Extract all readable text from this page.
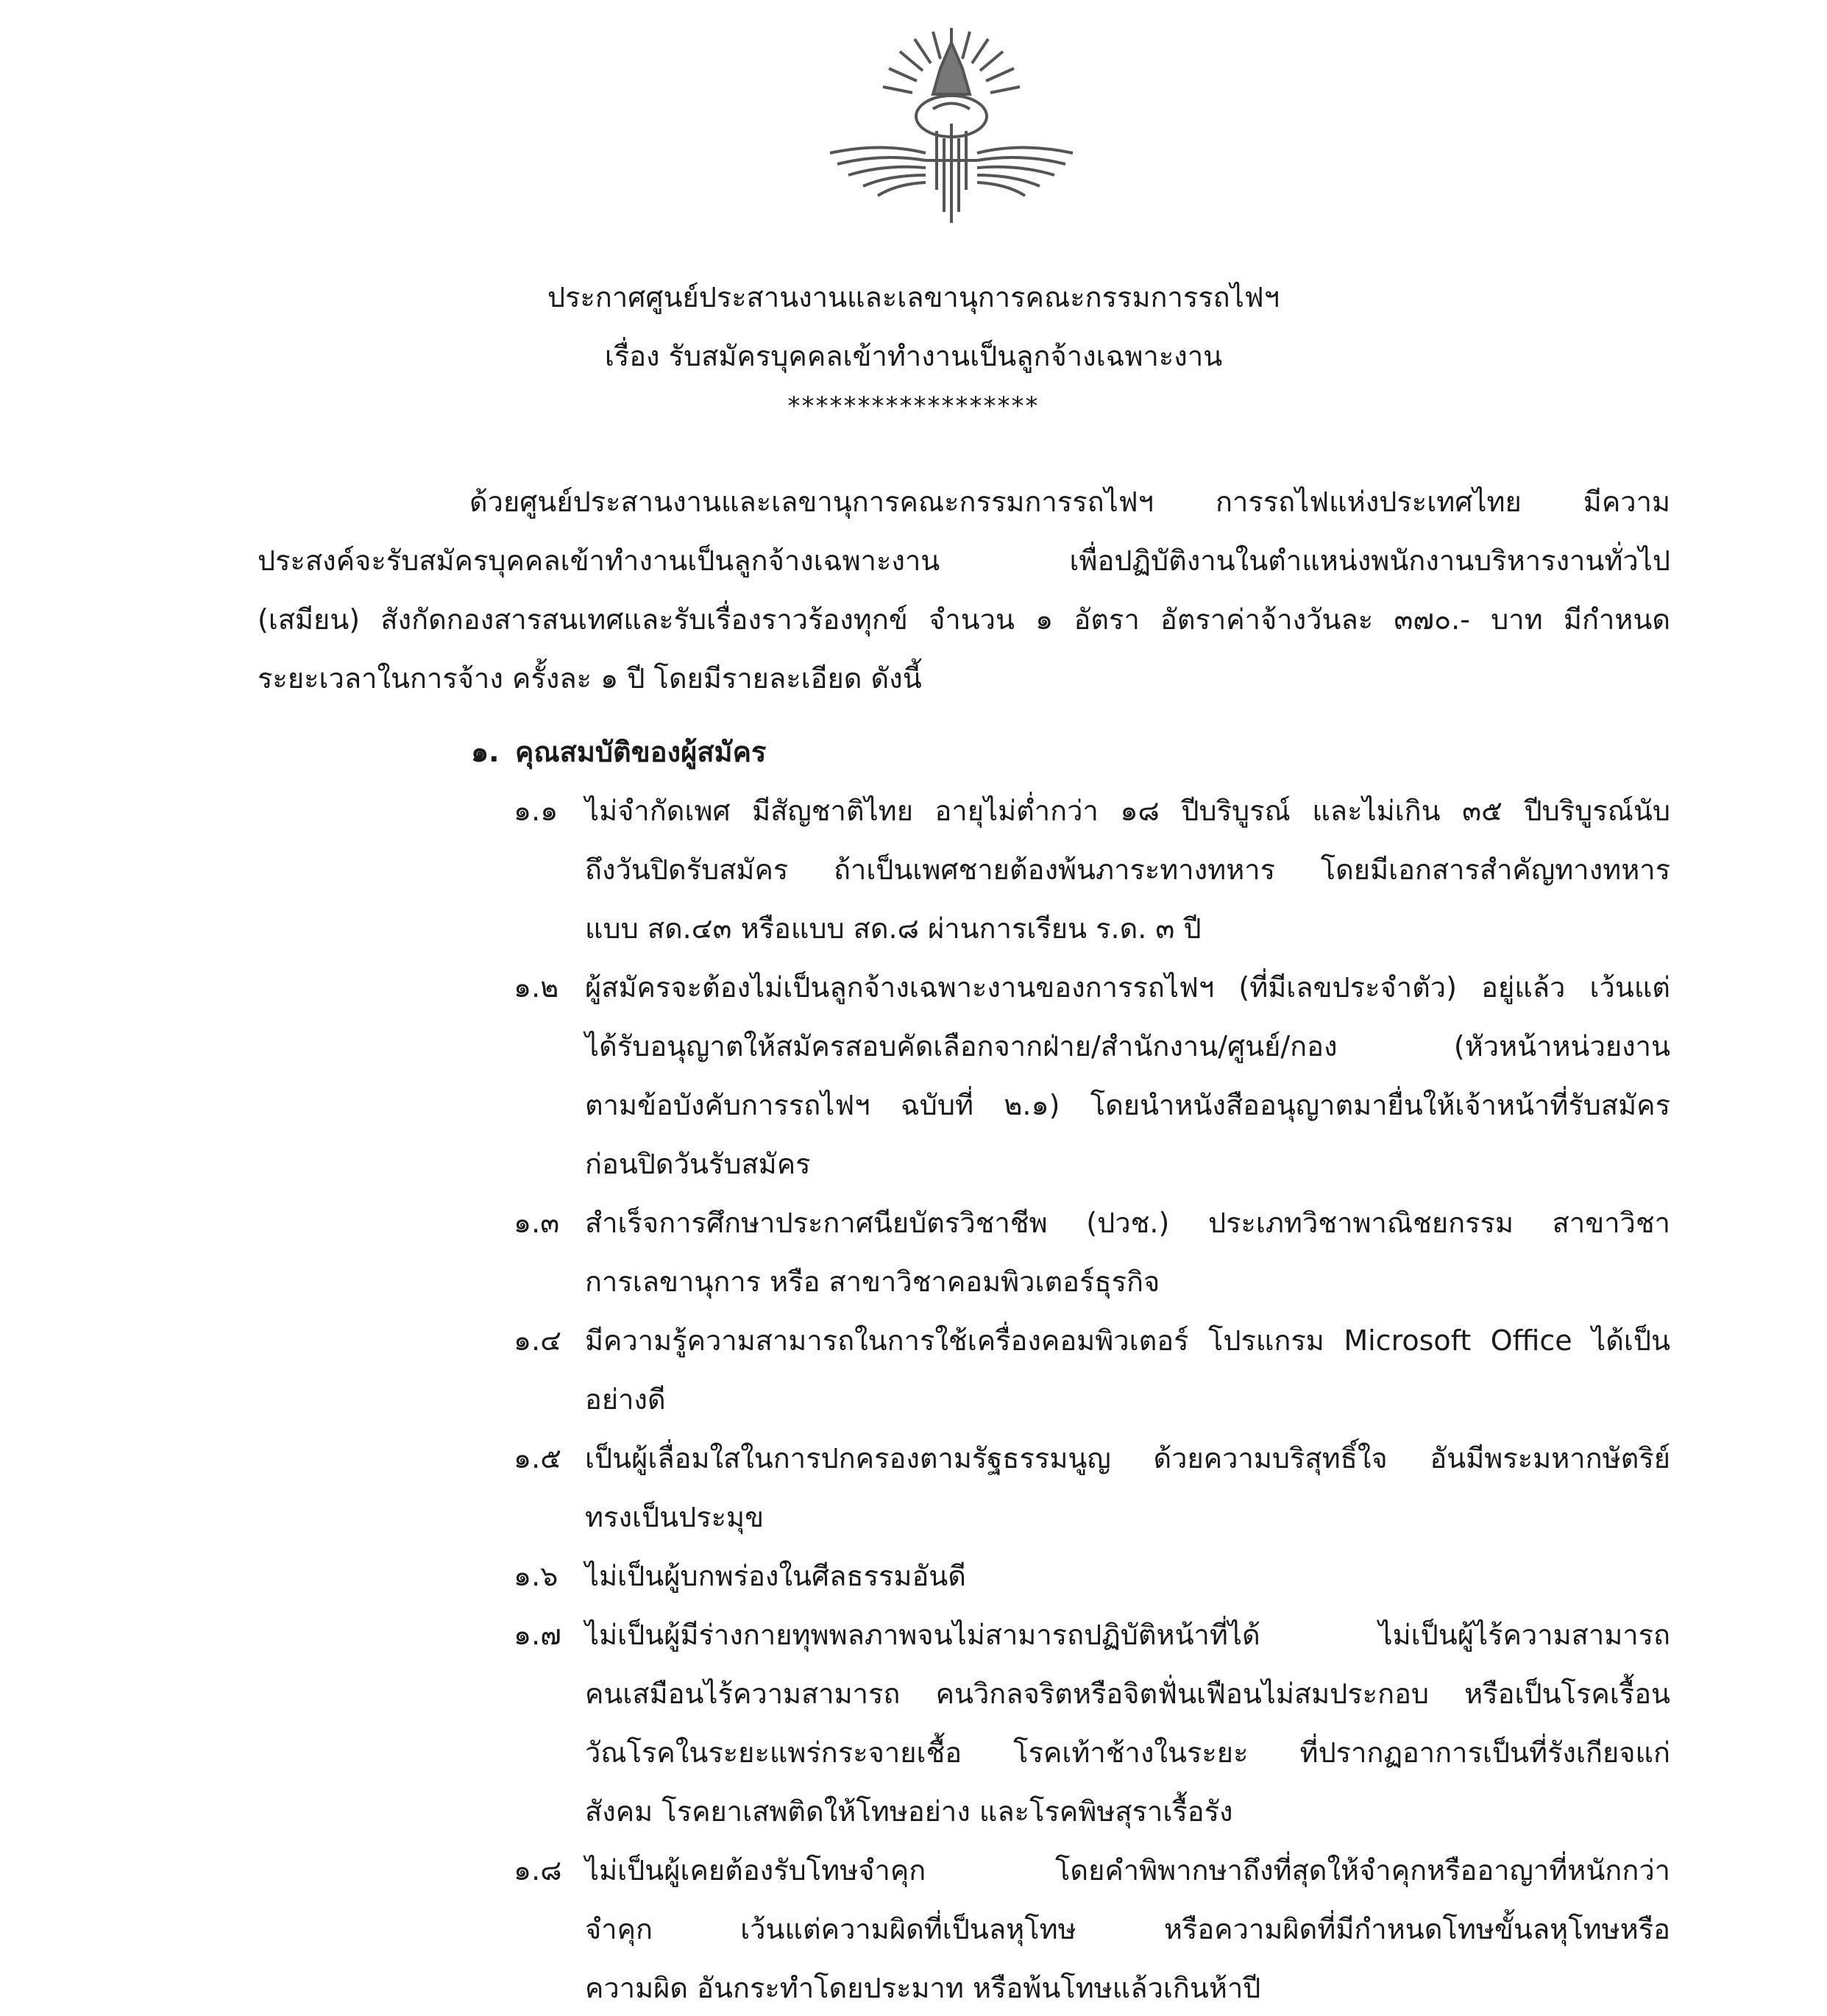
ประกาศศูนย์ประสานงานและเลขานุการคณะกรรมการรถไฟฯ
เรื่อง รับสมัครบุคคลเข้าทำงานเป็นลูกจ้างเฉพาะงาน
******************
ด้วยศูนย์ประสานงานและเลขานุการคณะกรรมการรถไฟฯ การรถไฟแห่งประเทศไทย มีความ
ประสงค์จะรับสมัครบุคคลเข้าทำงานเป็นลูกจ้างเฉพาะงาน เพื่อปฏิบัติงานในตำแหน่งพนักงานบริหารงานทั่วไป
(เสมียน) สังกัดกองสารสนเทศและรับเรื่องราวร้องทุกข์ จำนวน ๑ อัตรา อัตราค่าจ้างวันละ ๓๗๐.- บาท มีกำหนด
ระยะเวลาในการจ้าง ครั้งละ ๑ ปี โดยมีรายละเอียด ดังนี้
๑. คุณสมบัติของผู้สมัคร
๑.๑ ไม่จำกัดเพศ มีสัญชาติไทย อายุไม่ต่ำกว่า ๑๘ ปีบริบูรณ์ และไม่เกิน ๓๕ ปีบริบูรณ์นับ
ถึงวันปิดรับสมัคร ถ้าเป็นเพศชายต้องพ้นภาระทางทหาร โดยมีเอกสารสำคัญทางทหาร
แบบ สด.๔๓ หรือแบบ สด.๘ ผ่านการเรียน ร.ด. ๓ ปี
๑.๒ ผู้สมัครจะต้องไม่เป็นลูกจ้างเฉพาะงานของการรถไฟฯ (ที่มีเลขประจำตัว) อยู่แล้ว เว้นแต่
ได้รับอนุญาตให้สมัครสอบคัดเลือกจากฝ่าย/สำนักงาน/ศูนย์/กอง (หัวหน้าหน่วยงาน
ตามข้อบังคับการรถไฟฯ ฉบับที่ ๒.๑) โดยนำหนังสืออนุญาตมายื่นให้เจ้าหน้าที่รับสมัคร
ก่อนปิดวันรับสมัคร
๑.๓ สำเร็จการศึกษาประกาศนียบัตรวิชาชีพ (ปวช.) ประเภทวิชาพาณิชยกรรม สาขาวิชา
การเลขานุการ หรือ สาขาวิชาคอมพิวเตอร์ธุรกิจ
๑.๔ มีความรู้ความสามารถในการใช้เครื่องคอมพิวเตอร์ โปรแกรม Microsoft Office ได้เป็น
อย่างดี
๑.๕ เป็นผู้เลื่อมใสในการปกครองตามรัฐธรรมนูญ ด้วยความบริสุทธิ์ใจ อันมีพระมหากษัตริย์
ทรงเป็นประมุข
๑.๖ ไม่เป็นผู้บกพร่องในศีลธรรมอันดี
๑.๗ ไม่เป็นผู้มีร่างกายทุพพลภาพจนไม่สามารถปฏิบัติหน้าที่ได้ ไม่เป็นผู้ไร้ความสามารถ
คนเสมือนไร้ความสามารถ คนวิกลจริตหรือจิตฟั่นเฟือนไม่สมประกอบ หรือเป็นโรคเรื้อน
วัณโรคในระยะแพร่กระจายเชื้อ โรคเท้าช้างในระยะ ที่ปรากฏอาการเป็นที่รังเกียจแก่
สังคม โรคยาเสพติดให้โทษอย่าง และโรคพิษสุราเรื้อรัง
๑.๘ ไม่เป็นผู้เคยต้องรับโทษจำคุก โดยคำพิพากษาถึงที่สุดให้จำคุกหรืออาญาที่หนักกว่า
จำคุก เว้นแต่ความผิดที่เป็นลหุโทษ หรือความผิดที่มีกำหนดโทษขั้นลหุโทษหรือ
ความผิด อันกระทำโดยประมาท หรือพ้นโทษแล้วเกินห้าปี
